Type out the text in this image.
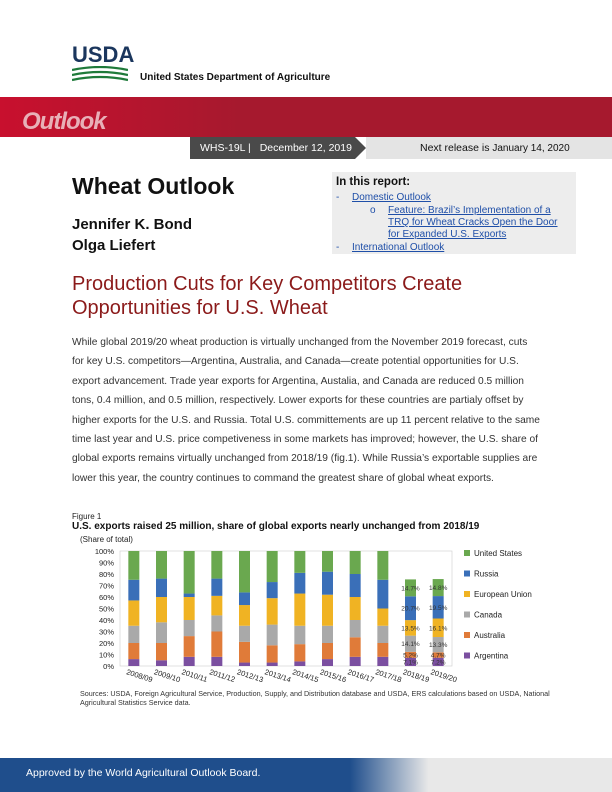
USDA
United States Department of Agriculture
Outlook
WHS-19L | December 12, 2019	Next release is January 14, 2020
Wheat Outlook
Jennifer K. Bond
Olga Liefert
In this report:
- Domestic Outlook
o Feature: Brazil’s Implementation of a
TRQ for Wheat Cracks Open the Door
for Expanded U.S. Exports
- International Outlook
Production Cuts for Key Competitors Create
Opportunities for U.S. Wheat
While global 2019/20 wheat production is virtually unchanged from the November 2019 forecast, cuts for key U.S. competitors—Argentina, Australia, and Canada—create potential opportunities for U.S. export advancement. Trade year exports for Argentina, Austalia, and Canada are reduced 0.5 million tons, 0.4 million, and 0.5 million, respectively. Lower exports for these countries are partialy offset by higher exports for the U.S. and Russia. Total U.S. committements are up 11 percent relative to the same time last year and U.S. price competiveness in some markets has improved; however, the U.S. share of global exports remains virtually unchanged from 2018/19 (fig.1). While Russia’s exportable supplies are lower this year, the country continues to command the greatest share of global wheat exports.
Figure 1
U.S. exports raised 25 million, share of global exports nearly unchanged from 2018/19
(Share of total)
0%
10%
20%
30%
40%
50%
60%
70%
80%
90%
100%
2008/09 2009/10 2010/11 2011/12 2012/13 2013/14 2014/15 2015/16 2016/17 2017/18 2018/19 2019/20
7.1%
5.2%
14.1%
13.5%
20.7%
14.7%
7.2%
4.7%
13.3%
16.1%
19.5%
14.8%
United States
Russia
European Union
Canada
Australia
Argentina
Sources: USDA, Foreign Agricultural Service, Production, Supply, and Distribution database and USDA, ERS calculations based on USDA, National Agricultural Statistics Service data.
Approved by the World Agricultural Outlook Board.
